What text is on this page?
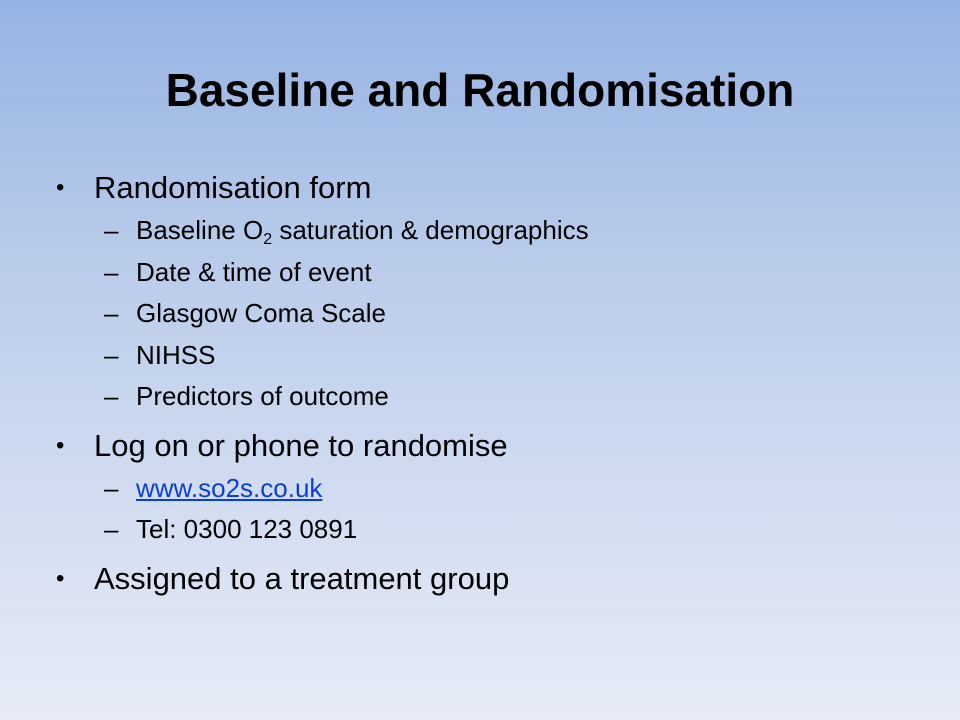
Baseline and Randomisation
• Randomisation form
– Baseline $O_2$ saturation & demographics
– Date & time of event
– Glasgow Coma Scale
– NIHSS
– Predictors of outcome
• Log on or phone to randomise
– www.so2s.co.uk
– Tel: 0300 123 0891
• Assigned to a treatment group
